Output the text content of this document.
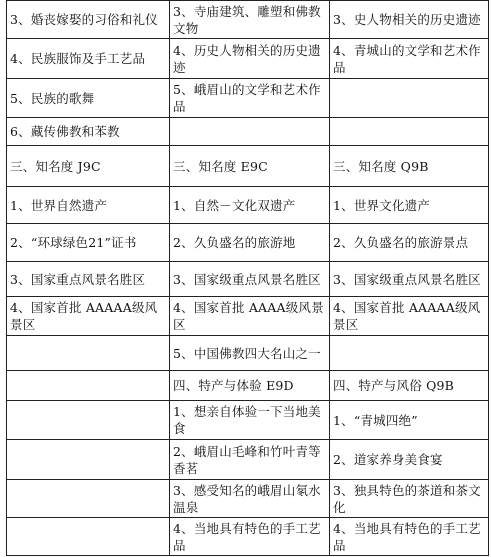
3、婚丧嫁娶的习俗和礼仪	3、寺庙建筑、雕塑和佛教文物	3、史人物相关的历史遗迹
4、民族服饰及手工艺品	4、历史人物相关的历史遗迹	4、青城山的文学和艺术作品
5、民族的歌舞	5、峨眉山的文学和艺术作品	
6、藏传佛教和苯教		
三、知名度 J9C	三、知名度 E9C	三、知名度 Q9B
1、世界自然遗产	1、自然－文化双遗产	1、世界文化遗产
2、“环球绿色21”证书	2、久负盛名的旅游地	2、久负盛名的旅游景点
3、国家重点风景名胜区	3、国家级重点风景名胜区	3、国家级重点风景名胜区
4、国家首批 AAAAA级风景区	4、国家首批 AAAA级风景区	4、国家首批 AAAAA级风景区
	5、中国佛教四大名山之一	
	四、特产与体验 E9D	四、特产与风俗 Q9B
	1、想亲自体验一下当地美食	1、“青城四绝”
	2、峨眉山毛峰和竹叶青等香茗	2、道家养身美食宴
	3、感受知名的峨眉山氡水温泉	3、独具特色的茶道和茶文化
	4、当地具有特色的手工艺品	4、当地具有特色的手工艺品
